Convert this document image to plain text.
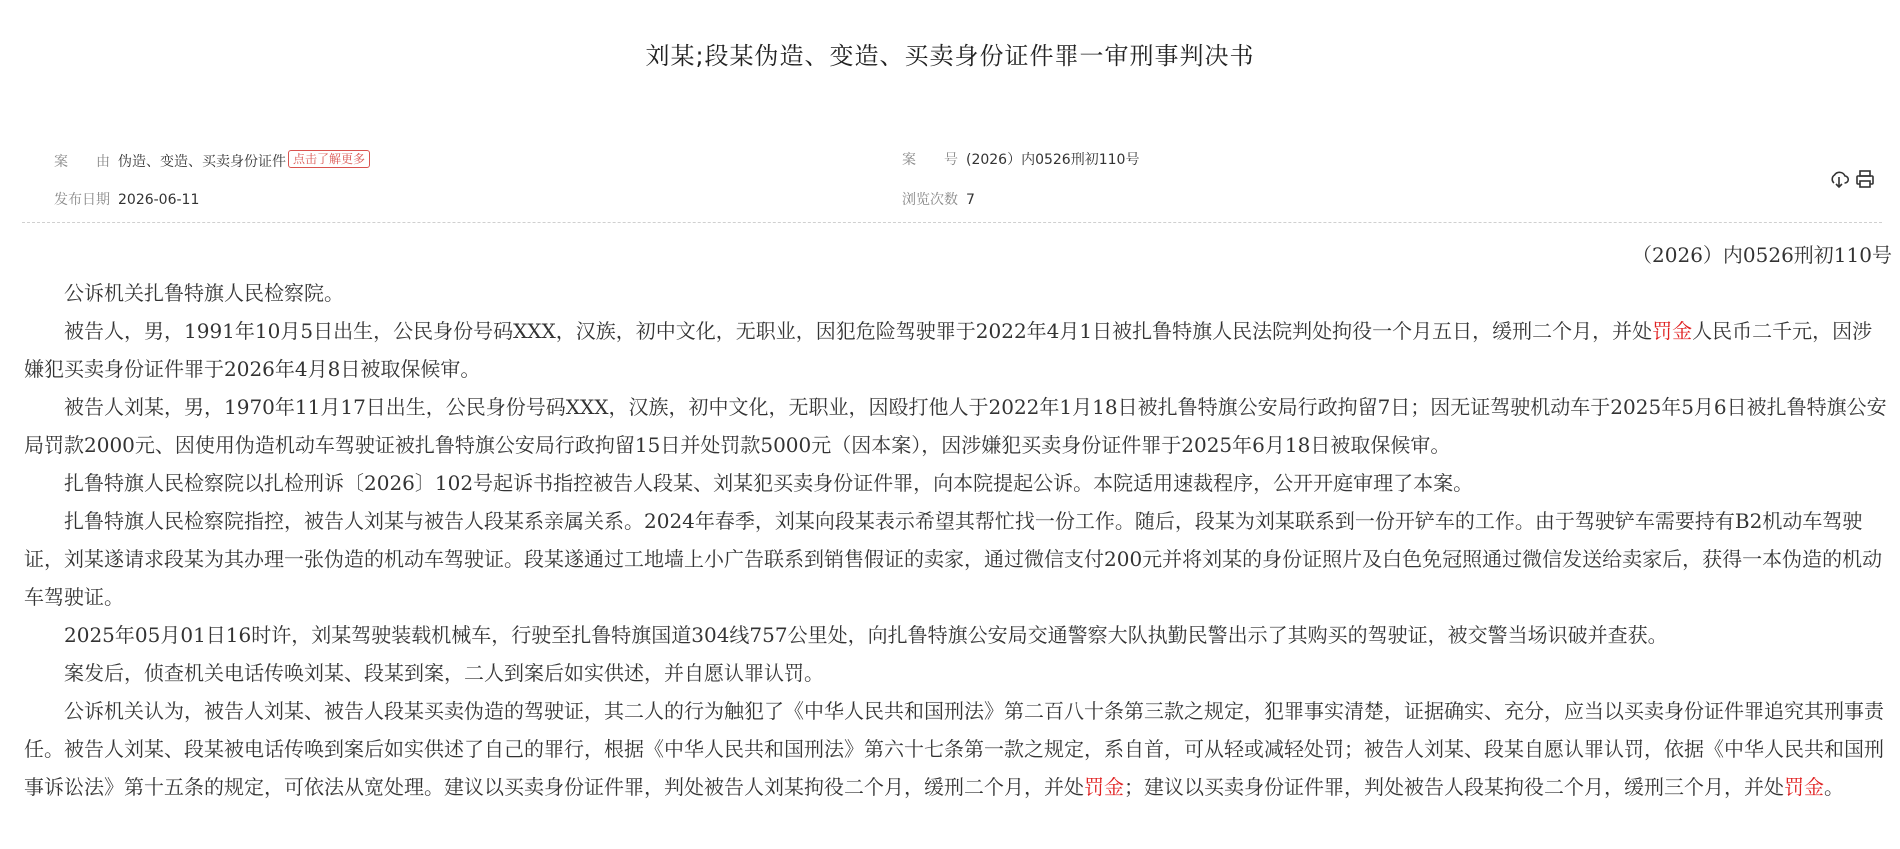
刘某;段某伪造、变造、买卖身份证件罪一审刑事判决书
案　　由 伪造、变造、买卖身份证件 点击了解更多	案　　号 (2026）内0526刑初110号
发布日期 2026-06-11	浏览次数 7
（2026）内0526刑初110号

公诉机关扎鲁特旗人民检察院。

被告人，男，1991年10月5日出生，公民身份号码XXX，汉族，初中文化，无职业，因犯危险驾驶罪于2022年4月1日被扎鲁特旗人民法院判处拘役一个月五日，缓刑二个月，并处罚金人民币二千元，因涉嫌犯买卖身份证件罪于2026年4月8日被取保候审。

被告人刘某，男，1970年11月17日出生，公民身份号码XXX，汉族，初中文化，无职业，因殴打他人于2022年1月18日被扎鲁特旗公安局行政拘留7日；因无证驾驶机动车于2025年5月6日被扎鲁特旗公安局罚款2000元、因使用伪造机动车驾驶证被扎鲁特旗公安局行政拘留15日并处罚款5000元（因本案），因涉嫌犯买卖身份证件罪于2025年6月18日被取保候审。

扎鲁特旗人民检察院以扎检刑诉〔2026〕102号起诉书指控被告人段某、刘某犯买卖身份证件罪，向本院提起公诉。本院适用速裁程序，公开开庭审理了本案。

扎鲁特旗人民检察院指控，被告人刘某与被告人段某系亲属关系。2024年春季，刘某向段某表示希望其帮忙找一份工作。随后，段某为刘某联系到一份开铲车的工作。由于驾驶铲车需要持有B2机动车驾驶证，刘某遂请求段某为其办理一张伪造的机动车驾驶证。段某遂通过工地墙上小广告联系到销售假证的卖家，通过微信支付200元并将刘某的身份证照片及白色免冠照通过微信发送给卖家后，获得一本伪造的机动车驾驶证。

2025年05月01日16时许，刘某驾驶装载机械车，行驶至扎鲁特旗国道304线757公里处，向扎鲁特旗公安局交通警察大队执勤民警出示了其购买的驾驶证，被交警当场识破并查获。

案发后，侦查机关电话传唤刘某、段某到案，二人到案后如实供述，并自愿认罪认罚。

公诉机关认为，被告人刘某、被告人段某买卖伪造的驾驶证，其二人的行为触犯了《中华人民共和国刑法》第二百八十条第三款之规定，犯罪事实清楚，证据确实、充分，应当以买卖身份证件罪追究其刑事责任。被告人刘某、段某被电话传唤到案后如实供述了自己的罪行，根据《中华人民共和国刑法》第六十七条第一款之规定，系自首，可从轻或减轻处罚；被告人刘某、段某自愿认罪认罚，依据《中华人民共和国刑事诉讼法》第十五条的规定，可依法从宽处理。建议以买卖身份证件罪，判处被告人刘某拘役二个月，缓刑二个月，并处罚金；建议以买卖身份证件罪，判处被告人段某拘役二个月，缓刑三个月，并处罚金。
